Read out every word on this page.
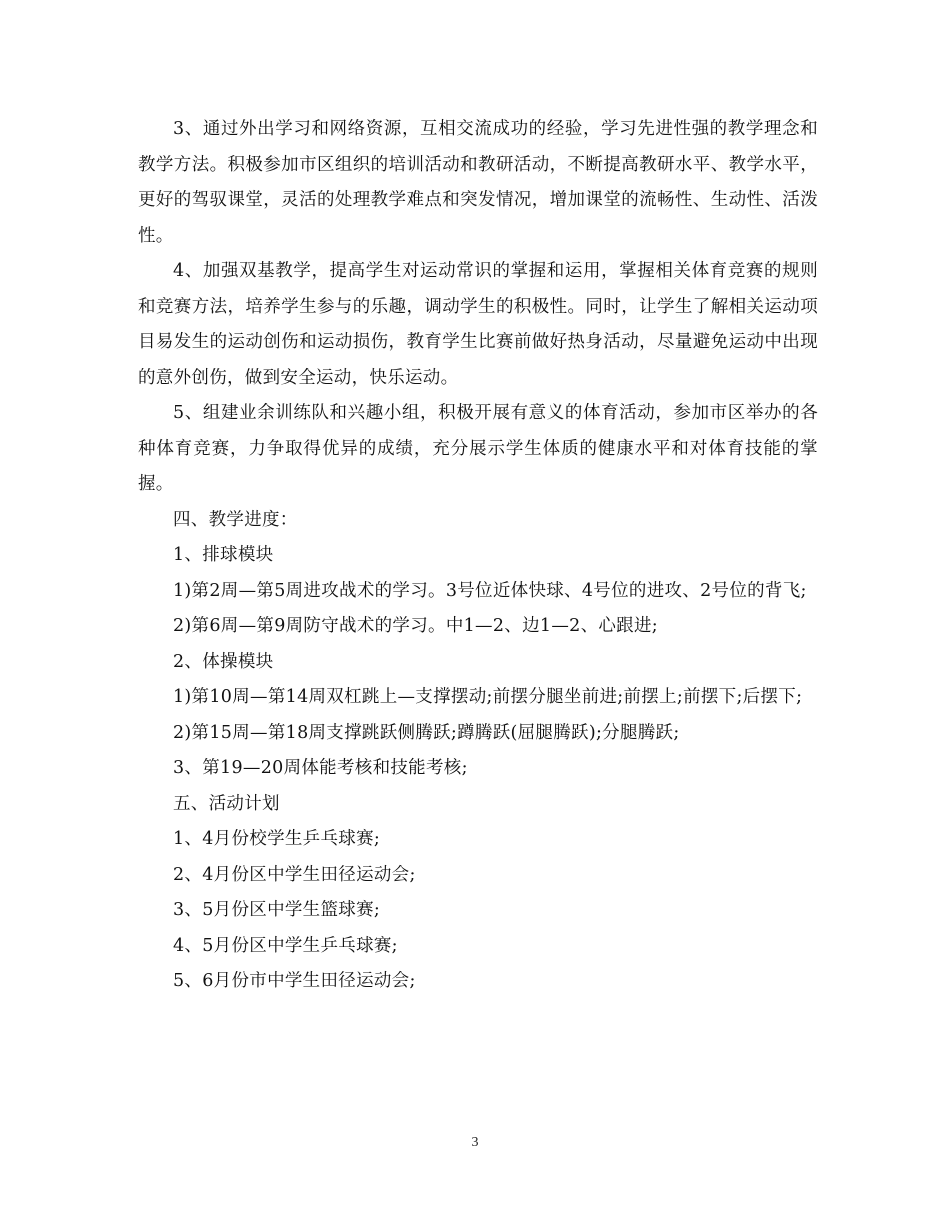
3、通过外出学习和网络资源，互相交流成功的经验，学习先进性强的教学理念和教学方法。积极参加市区组织的培训活动和教研活动，不断提高教研水平、教学水平，更好的驾驭课堂，灵活的处理教学难点和突发情况，增加课堂的流畅性、生动性、活泼性。

4、加强双基教学，提高学生对运动常识的掌握和运用，掌握相关体育竞赛的规则和竞赛方法，培养学生参与的乐趣，调动学生的积极性。同时，让学生了解相关运动项目易发生的运动创伤和运动损伤，教育学生比赛前做好热身活动，尽量避免运动中出现的意外创伤，做到安全运动，快乐运动。

5、组建业余训练队和兴趣小组，积极开展有意义的体育活动，参加市区举办的各种体育竞赛，力争取得优异的成绩，充分展示学生体质的健康水平和对体育技能的掌握。

四、教学进度：

1、排球模块

1)第2周—第5周进攻战术的学习。3号位近体快球、4号位的进攻、2号位的背飞;

2)第6周—第9周防守战术的学习。中1—2、边1—2、心跟进;

2、体操模块

1)第10周—第14周双杠跳上—支撑摆动;前摆分腿坐前进;前摆上;前摆下;后摆下;

2)第15周—第18周支撑跳跃侧腾跃;蹲腾跃(屈腿腾跃);分腿腾跃;

3、第19—20周体能考核和技能考核;

五、活动计划

1、4月份校学生乒乓球赛;

2、4月份区中学生田径运动会;

3、5月份区中学生篮球赛;

4、5月份区中学生乒乓球赛;

5、6月份市中学生田径运动会;

3
